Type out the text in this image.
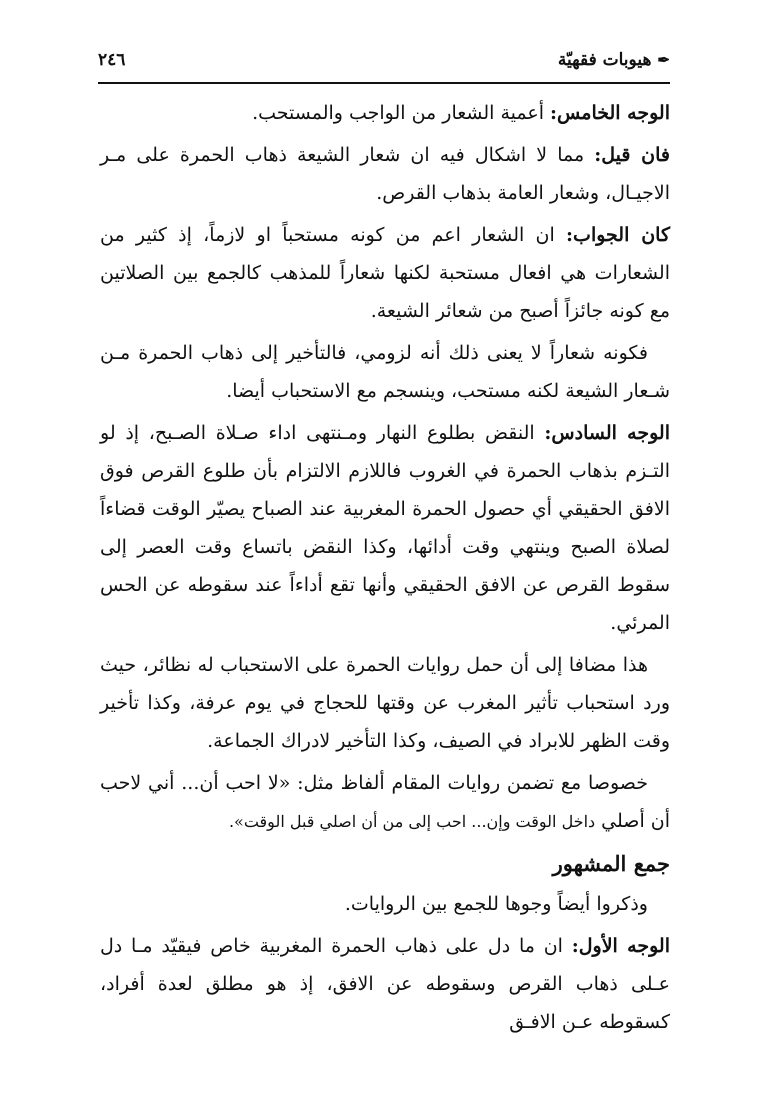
✒هيوبات فقهيّة
٢٤٦

الوجه الخامس: أعمية الشعار من الواجب والمستحب.

فان قيل: مما لا اشكال فيه ان شعار الشيعة ذهاب الحمرة على مـر الاجيـال، وشعار العامة بذهاب القرص.

كان الجواب: ان الشعار اعم من كونه مستحباً او لازماً، إذ كثير من الشعارات هي افعال مستحبة لكنها شعاراً للمذهب كالجمع بين الصلاتين مع كونه جائزاً أصبح من شعائر الشيعة.

فكونه شعاراً لا يعنى ذلك أنه لزومي، فالتأخير إلى ذهاب الحمرة مـن شـعار الشيعة لكنه مستحب، وينسجم مع الاستحباب أيضا.

الوجه السادس: النقض بطلوع النهار ومـنتهى اداء صـلاة الصـبح، إذ لو التـزم بذهاب الحمرة في الغروب فاللازم الالتزام بأن طلوع القرص فوق الافق الحقيقي أي حصول الحمرة المغربية عند الصباح يصيّر الوقت قضاءاً لصلاة الصبح وينتهي وقت أدائها، وكذا النقض باتساع وقت العصر إلى سقوط القرص عن الافق الحقيقي وأنها تقع أداءاً عند سقوطه عن الحس المرئي.

هذا مضافا إلى أن حمل روايات الحمرة على الاستحباب له نظائر، حيث ورد استحباب تأثير المغرب عن وقتها للحجاج في يوم عرفة، وكذا تأخير وقت الظهر للابراد في الصيف، وكذا التأخير لادراك الجماعة.

خصوصا مع تضمن روايات المقام ألفاظ مثل: «لا احب أن... أني لاحب أن أصلي داخل الوقت وإن... احب إلى من أن اصلي قبل الوقت».

جمع المشهور

وذكروا أيضاً وجوها للجمع بين الروايات.

الوجه الأول: ان ما دل على ذهاب الحمرة المغربية خاص فيقيّد مـا دل عـلى ذهاب القرص وسقوطه عن الافق، إذ هو مطلق لعدة أفراد، كسقوطه عـن الافـق
